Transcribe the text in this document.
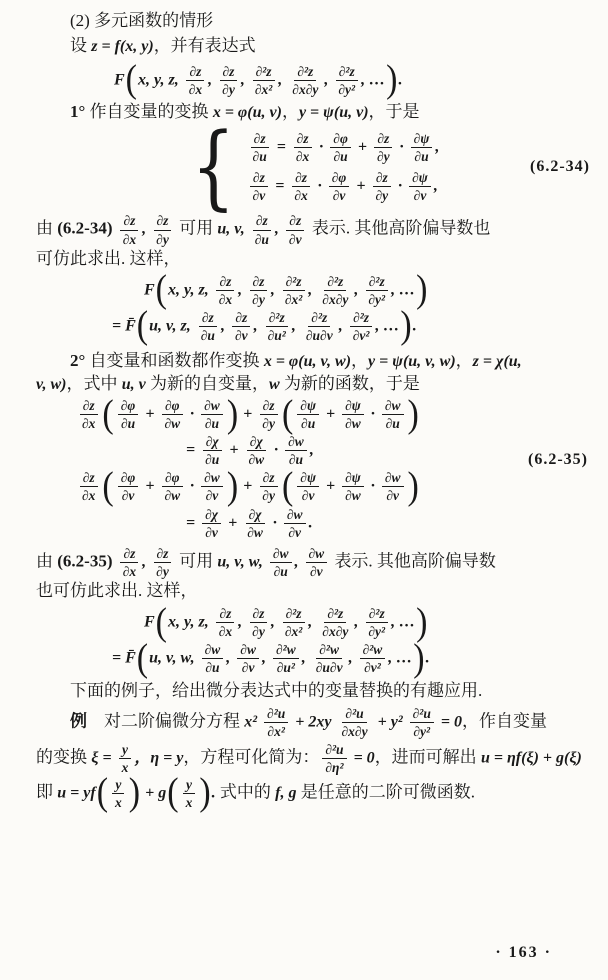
(2) 多元函数的情形

设 z = f(x, y)，并有表达式

F(x, y, z, $\frac{\partial z}{\partial x}$ , $\frac{\partial z}{\partial y}$ , $\frac{\text{∂²z}}{\text{∂x²}}$ , $\frac{\text{∂²z}}{\partial x\partial y}$ , $\frac{\text{∂²z}}{\text{∂y²}}$ , …).

1° 作自变量的变换 x = φ(u, v)，y = ψ(u, v)，于是

{ $\frac{\partial z}{\partial u} = \frac{\partial z}{\partial x} \cdot \frac{\partial\varphi}{\partial u} + \frac{\partial z}{\partial y} \cdot \frac{\partial\psi}{\partial u}$ ,
$\frac{\partial z}{\partial v} = \frac{\partial z}{\partial x} \cdot \frac{\partial\varphi}{\partial v} + \frac{\partial z}{\partial y} \cdot \frac{\partial\psi}{\partial v}$ ,
(6.2-34)

由 $(6.2-34) \frac{\partial z}{\partial x}$ , $\frac{\partial z}{\partial y}$ 可用 u, v, $\frac{\partial z}{\partial u}$ , $\frac{\partial z}{\partial v}$ 表示. 其他高阶偏导数也

可仿此求出. 这样，

F(x, y, z, $\frac{\partial z}{\partial x}$ , $\frac{\partial z}{\partial y}$ , $\frac{\text{∂²z}}{\text{∂x²}}$ , $\frac{\text{∂²z}}{\partial x\partial y}$ , $\frac{\text{∂²z}}{\text{∂y²}}$ , …)
= F̄(u, v, z, $\frac{\partial z}{\partial u}$ , $\frac{\partial z}{\partial v}$ , $\frac{\text{∂²z}}{\text{∂u²}}$ , $\frac{\text{∂²z}}{\partial u\partial v}$ , $\frac{\text{∂²z}}{\text{∂v²}}$ , …).

2° 自变量和函数都作变换 x = φ(u, v, w)，y = ψ(u, v, w)，z = χ(u,

v, w)，式中 u, v 为新的自变量，w 为新的函数，于是

$\frac{\partial z}{\partial x}$ ( $\frac{\partial\varphi}{\partial u} + \frac{\partial\varphi}{\partial w} \cdot \frac{\partial w}{\partial u}$ ) + $\frac{\partial z}{\partial y}$ ( $\frac{\partial\psi}{\partial u} + \frac{\partial\psi}{\partial w} \cdot \frac{\partial w}{\partial u}$ )
= $\frac{\partial\chi}{\partial u} + \frac{\partial\chi}{\partial w} \cdot \frac{\partial w}{\partial u}$ ,
$\frac{\partial z}{\partial x}$ ( $\frac{\partial\varphi}{\partial v} + \frac{\partial\varphi}{\partial w} \cdot \frac{\partial w}{\partial v}$ ) + $\frac{\partial z}{\partial y}$ ( $\frac{\partial\psi}{\partial v} + \frac{\partial\psi}{\partial w} \cdot \frac{\partial w}{\partial v}$ )
= $\frac{\partial\chi}{\partial v} + \frac{\partial\chi}{\partial w} \cdot \frac{\partial w}{\partial v}$ .
(6.2-35)

由 $(6.2-35) \frac{\partial z}{\partial x}$ , $\frac{\partial z}{\partial y}$ 可用 u, v, w, $\frac{\partial w}{\partial u}$ , $\frac{\partial w}{\partial v}$ 表示. 其他高阶偏导数

也可仿此求出. 这样，

F(x, y, z, $\frac{\partial z}{\partial x}$ , $\frac{\partial z}{\partial y}$ , $\frac{\text{∂²z}}{\text{∂x²}}$ , $\frac{\text{∂²z}}{\partial x\partial y}$ , $\frac{\text{∂²z}}{\text{∂y²}}$ , …)
= F̄(u, v, w, $\frac{\partial w}{\partial u}$ , $\frac{\partial w}{\partial v}$ , $\frac{\text{∂²w}}{\text{∂u²}}$ , $\frac{\text{∂²w}}{\partial u\partial v}$ , $\frac{\text{∂²w}}{\text{∂v²}}$ , …).

下面的例子，给出微分表达式中的变量替换的有趣应用.

例　对二阶偏微分方程 $x^2 \frac{\text{∂²u}}{\text{∂x²}} + 2xy \frac{\text{∂²u}}{\partial x\partial y} + y^2 \frac{\text{∂²u}}{\text{∂y²}} = 0$，作自变量

的变换 $\xi = \frac{y}{x}$ ，η = y，方程可化简为： $\frac{\text{∂²u}}{\text{∂η²}} = 0$，进而可解出 u = ηf(ξ) + g(ξ)

即 $u = yf( \frac{y}{x}$ ) + $g( \frac{y}{x}$ ). 式中的 f, g 是任意的二阶可微函数.

· 163 ·
